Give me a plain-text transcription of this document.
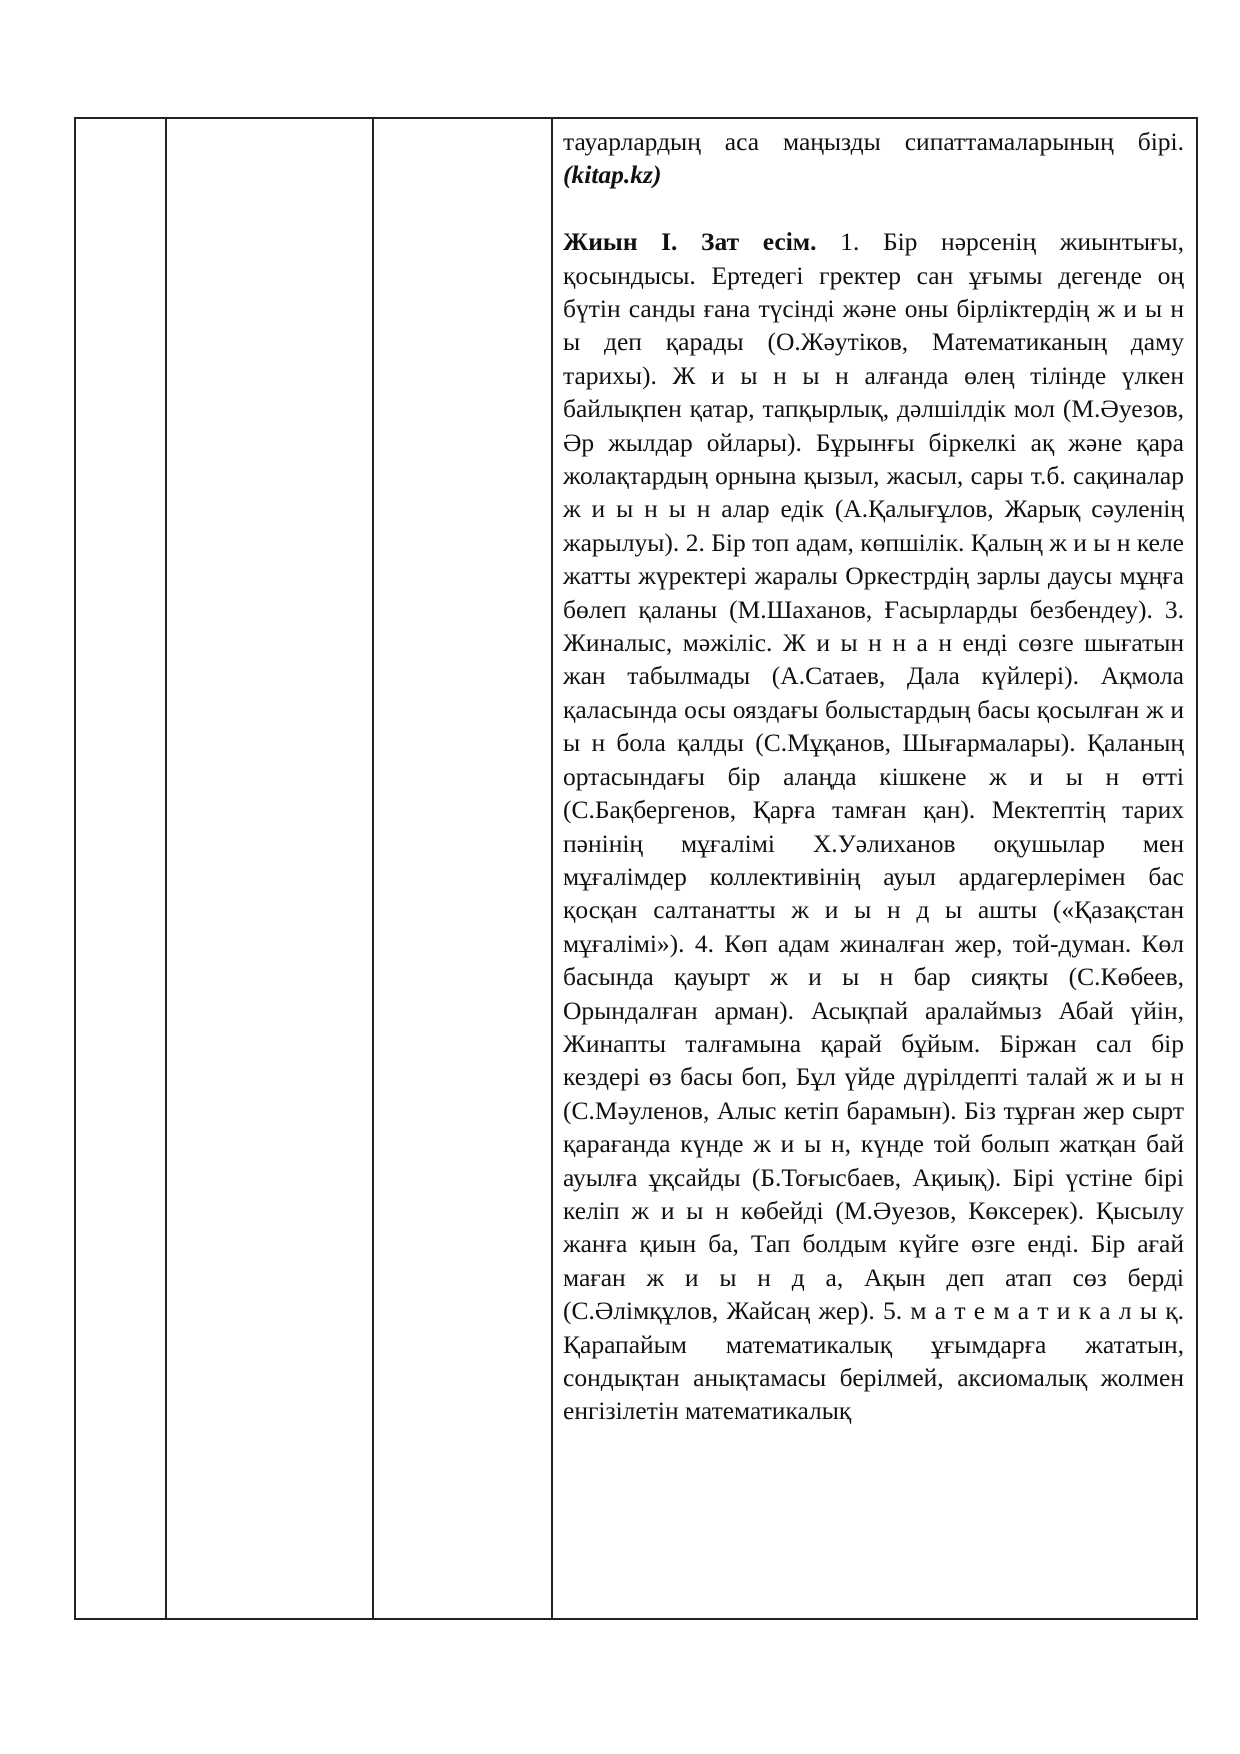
тауарлардың аса маңызды сипаттамаларының бірі. (kitap.kz)

Жиын І. Зат есім. 1. Бір нәрсенің жиынтығы, қосындысы. Ертедегі гректер сан ұғымы дегенде оң бүтін санды ғана түсінді және оны бірліктердің ж и ы н ы деп қарады (О.Жәутіков, Математиканың даму тарихы). Ж и ы н ы н алғанда өлең тілінде үлкен байлықпен қатар, тапқырлық, дәлшілдік мол (М.Әуезов, Әр жылдар ойлары). Бұрынғы біркелкі ақ және қара жолақтардың орнына қызыл, жасыл, сары т.б. сақиналар ж и ы н ы н алар едік (А.Қалығұлов, Жарық сәуленің жарылуы). 2. Бір топ адам, көпшілік. Қалың ж и ы н келе жатты жүректері жаралы Оркестрдің зарлы даусы мұңға бөлеп қаланы (М.Шаханов, Ғасырларды безбендеу). 3. Жиналыс, мәжіліс. Ж и ы н н а н енді сөзге шығатын жан табылмады (А.Сатаев, Дала күйлері). Ақмола қаласында осы ояздағы болыстардың басы қосылған ж и ы н бола қалды (С.Мұқанов, Шығармалары). Қаланың ортасындағы бір алаңда кішкене ж и ы н өтті (С.Бақбергенов, Қарға тамған қан). Мектептің тарих пәнінің мұғалімі Х.Уәлиханов оқушылар мен мұғалімдер коллективінің ауыл ардагерлерімен бас қосқан салтанатты ж и ы н д ы ашты («Қазақстан мұғалімі»). 4. Көп адам жиналған жер, той-думан. Көл басында қауырт ж и ы н бар сияқты (С.Көбеев, Орындалған арман). Асықпай аралаймыз Абай үйін, Жинапты талғамына қарай бұйым. Біржан сал бір кездері өз басы боп, Бұл үйде дүрілдепті талай ж и ы н (С.Мәуленов, Алыс кетіп барамын). Біз тұрған жер сырт қарағанда күнде ж и ы н, күнде той болып жатқан бай ауылға ұқсайды (Б.Тоғысбаев, Ақиық). Бірі үстіне бірі келіп ж и ы н көбейді (М.Әуезов, Көксерек). Қысылу жанға қиын ба, Тап болдым күйге өзге енді. Бір ағай маған ж и ы н д а, Ақын деп атап сөз берді (С.Әлімқұлов, Жайсаң жер). 5. м а т е м а т и к а л ы қ. Қарапайым математикалық ұғымдарға жататын, сондықтан анықтамасы берілмей, аксиомалық жолмен енгізілетін математикалық
